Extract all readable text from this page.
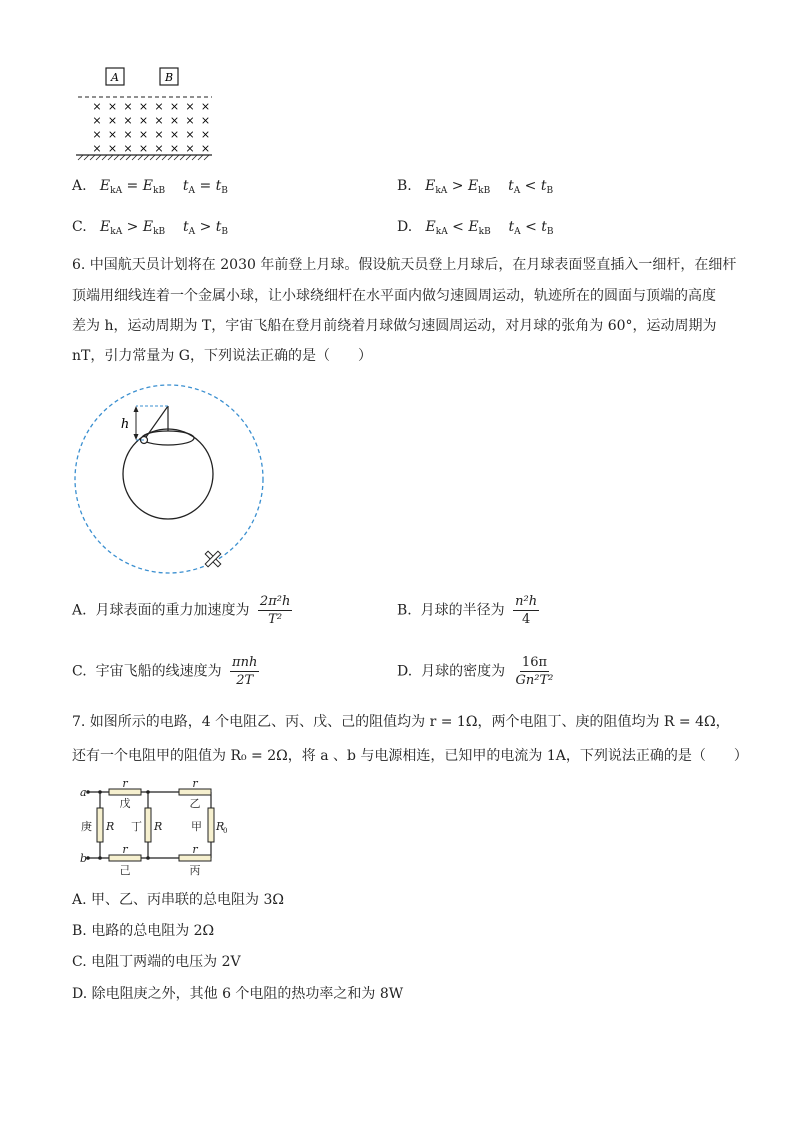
A	B
× × × × × × × ×
× × × × × × × ×
× × × × × × × ×
× × × × × × × ×
A. $E_{kA} = E_{kB}$ $t_A = t_B$	B. $E_{kA} > E_{kB}$ $t_A < t_B$
C. $E_{kA} > E_{kB}$ $t_A > t_B$	D. $E_{kA} < E_{kB}$ $t_A < t_B$
6. 中国航天员计划将在 2030 年前登上月球。假设航天员登上月球后，在月球表面竖直插入一细杆，在细杆
顶端用细线连着一个金属小球，让小球绕细杆在水平面内做匀速圆周运动，轨迹所在的圆面与顶端的高度
差为 h，运动周期为 T，宇宙飞船在登月前绕着月球做匀速圆周运动，对月球的张角为 60°，运动周期为
nT，引力常量为 G，下列说法正确的是（　　）
h
A. 月球表面的重力加速度为 $\frac{\text{2π²h}}{\text{T²}}$	B. 月球的半径为 $\frac{\text{n²h}}{4}$
C. 宇宙飞船的线速度为 $\frac{\text{πnh}}{2T}$	D. 月球的密度为 $\frac{16\pi}{\text{Gn²T²}}$
7. 如图所示的电路，4 个电阻乙、丙、戊、己的阻值均为 r = 1Ω，两个电阻丁、庚的阻值均为 R = 4Ω，
还有一个电阻甲的阻值为 R₀ = 2Ω，将 a 、b 与电源相连，已知甲的电流为 1A，下列说法正确的是（　　）
a
b
r	r
r	r
戊	乙
己	丙
庚 R 丁 R	甲 R
0
A. 甲、乙、丙串联的总电阻为 3Ω
B. 电路的总电阻为 2Ω
C. 电阻丁两端的电压为 2V
D. 除电阻庚之外，其他 6 个电阻的热功率之和为 8W
